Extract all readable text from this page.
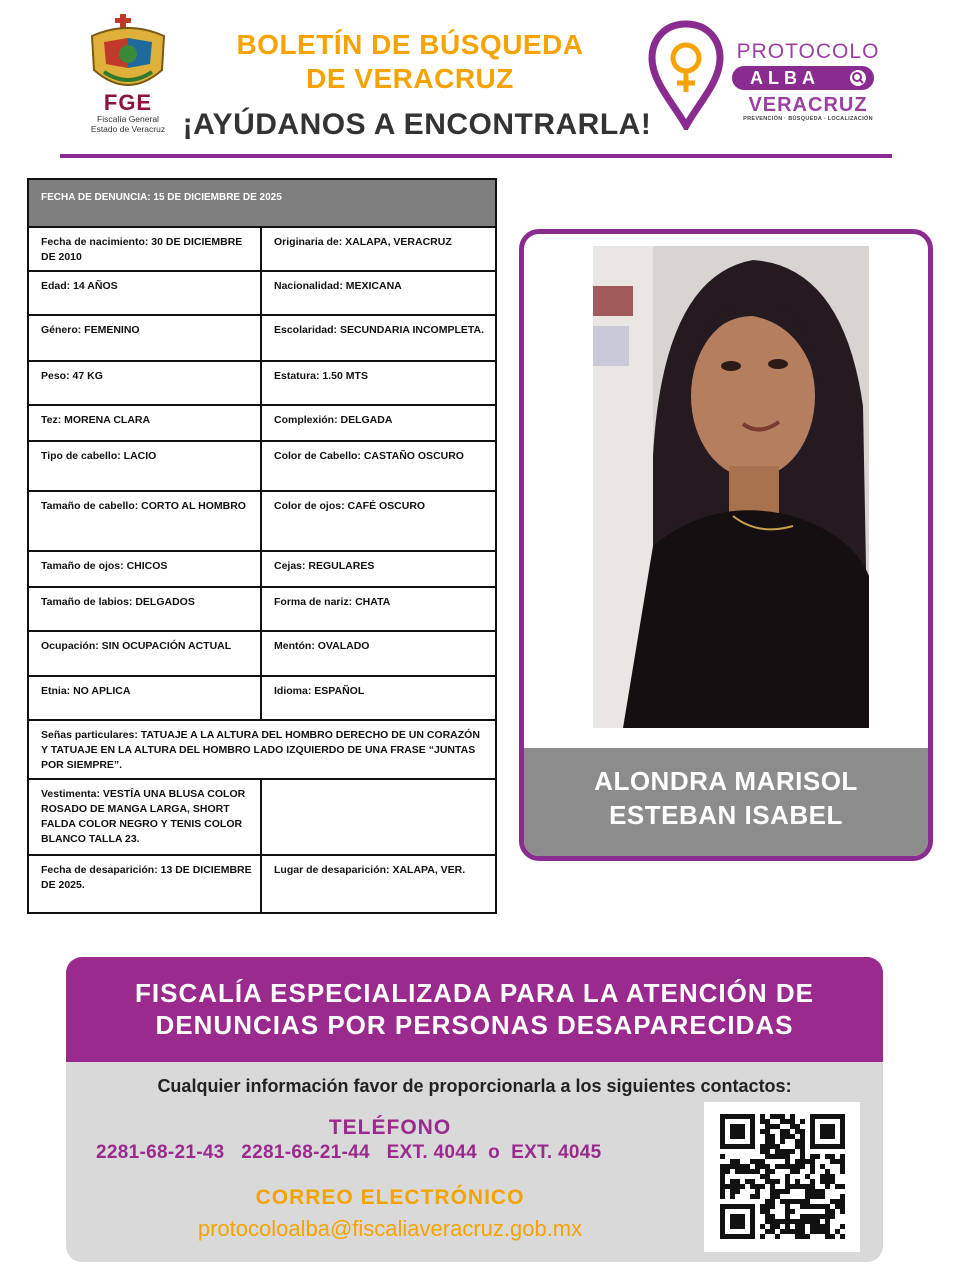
FGE
Fiscalía General
Estado de Veracruz
BOLETÍN DE BÚSQUEDA
DE VERACRUZ
¡AYÚDANOS A ENCONTRARLA!
PROTOCOLO
ALBA
VERACRUZ
PREVENCIÓN · BÚSQUEDA · LOCALIZACIÓN
FECHA DE DENUNCIA: 15 DE DICIEMBRE DE 2025	
Fecha de nacimiento: 30 DE DICIEMBRE DE 2010	Originaria de: XALAPA, VERACRUZ
Edad: 14 AÑOS	Nacionalidad: MEXICANA
Género: FEMENINO	Escolaridad: SECUNDARIA INCOMPLETA.
Peso: 47 KG	Estatura: 1.50 MTS
Tez: MORENA CLARA	Complexión: DELGADA
Tipo de cabello: LACIO	Color de Cabello: CASTAÑO OSCURO
Tamaño de cabello: CORTO AL HOMBRO	Color de ojos: CAFÉ OSCURO
Tamaño de ojos: CHICOS	Cejas: REGULARES
Tamaño de labios: DELGADOS	Forma de nariz: CHATA
Ocupación: SIN OCUPACIÓN ACTUAL	Mentón: OVALADO
Etnia: NO APLICA	Idioma: ESPAÑOL
Señas particulares: TATUAJE A LA ALTURA DEL HOMBRO DERECHO DE UN CORAZÓN Y TATUAJE EN LA ALTURA DEL HOMBRO LADO IZQUIERDO DE UNA FRASE “JUNTAS POR SIEMPRE”.	
Vestimenta: VESTÍA UNA BLUSA COLOR ROSADO DE MANGA LARGA, SHORT FALDA COLOR NEGRO Y TENIS COLOR BLANCO TALLA 23.	
Fecha de desaparición: 13 DE DICIEMBRE DE 2025.	Lugar de desaparición: XALAPA, VER.
ALONDRA MARISOL
ESTEBAN ISABEL
FISCALÍA ESPECIALIZADA PARA LA ATENCIÓN DE
DENUNCIAS POR PERSONAS DESAPARECIDAS
Cualquier información favor de proporcionarla a los siguientes contactos:
TELÉFONO
2281-68-21-43   2281-68-21-44   EXT. 4044  o  EXT. 4045
CORREO ELECTRÓNICO
protocoloalba@fiscaliaveracruz.gob.mx
